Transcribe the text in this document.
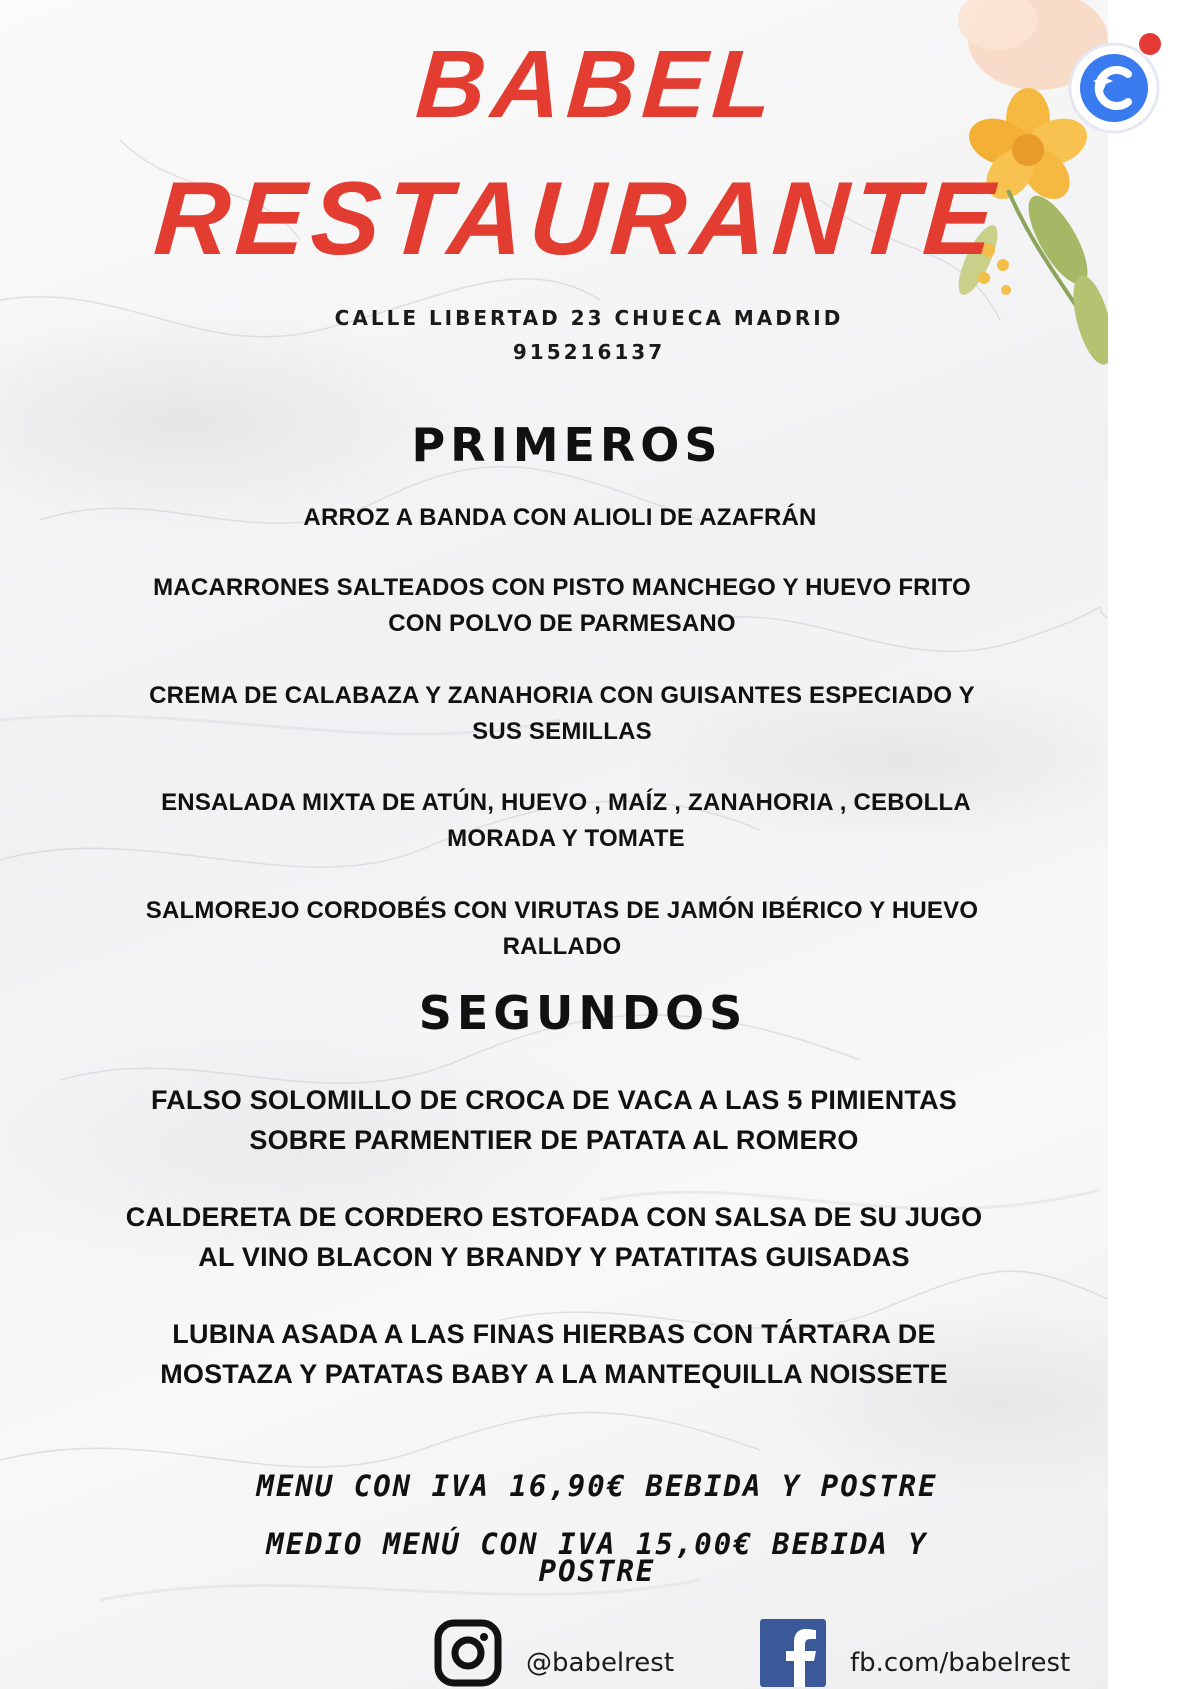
BABEL
RESTAURANTE
CALLE LIBERTAD 23 CHUECA MADRID
915216137
PRIMEROS
ARROZ A BANDA CON ALIOLI DE AZAFRÁN
MACARRONES SALTEADOS CON PISTO MANCHEGO Y HUEVO FRITO
CON POLVO DE PARMESANO
CREMA DE CALABAZA Y ZANAHORIA CON GUISANTES ESPECIADO Y
SUS SEMILLAS
ENSALADA MIXTA DE ATÚN, HUEVO , MAÍZ , ZANAHORIA , CEBOLLA
MORADA Y TOMATE
SALMOREJO CORDOBÉS CON VIRUTAS DE JAMÓN IBÉRICO Y HUEVO
RALLADO
SEGUNDOS
FALSO SOLOMILLO DE CROCA DE VACA A LAS 5 PIMIENTAS
SOBRE PARMENTIER DE PATATA AL ROMERO
CALDERETA DE CORDERO ESTOFADA CON SALSA DE SU JUGO
AL VINO BLACON Y BRANDY Y PATATITAS GUISADAS
LUBINA ASADA A LAS FINAS HIERBAS CON TÁRTARA DE
MOSTAZA Y PATATAS BABY A LA MANTEQUILLA NOISSETE
MENU CON IVA 16,90€ BEBIDA Y POSTRE
MEDIO MENÚ CON IVA 15,00€ BEBIDA Y
POSTRE
@babelrest	fb.com/babelrest
